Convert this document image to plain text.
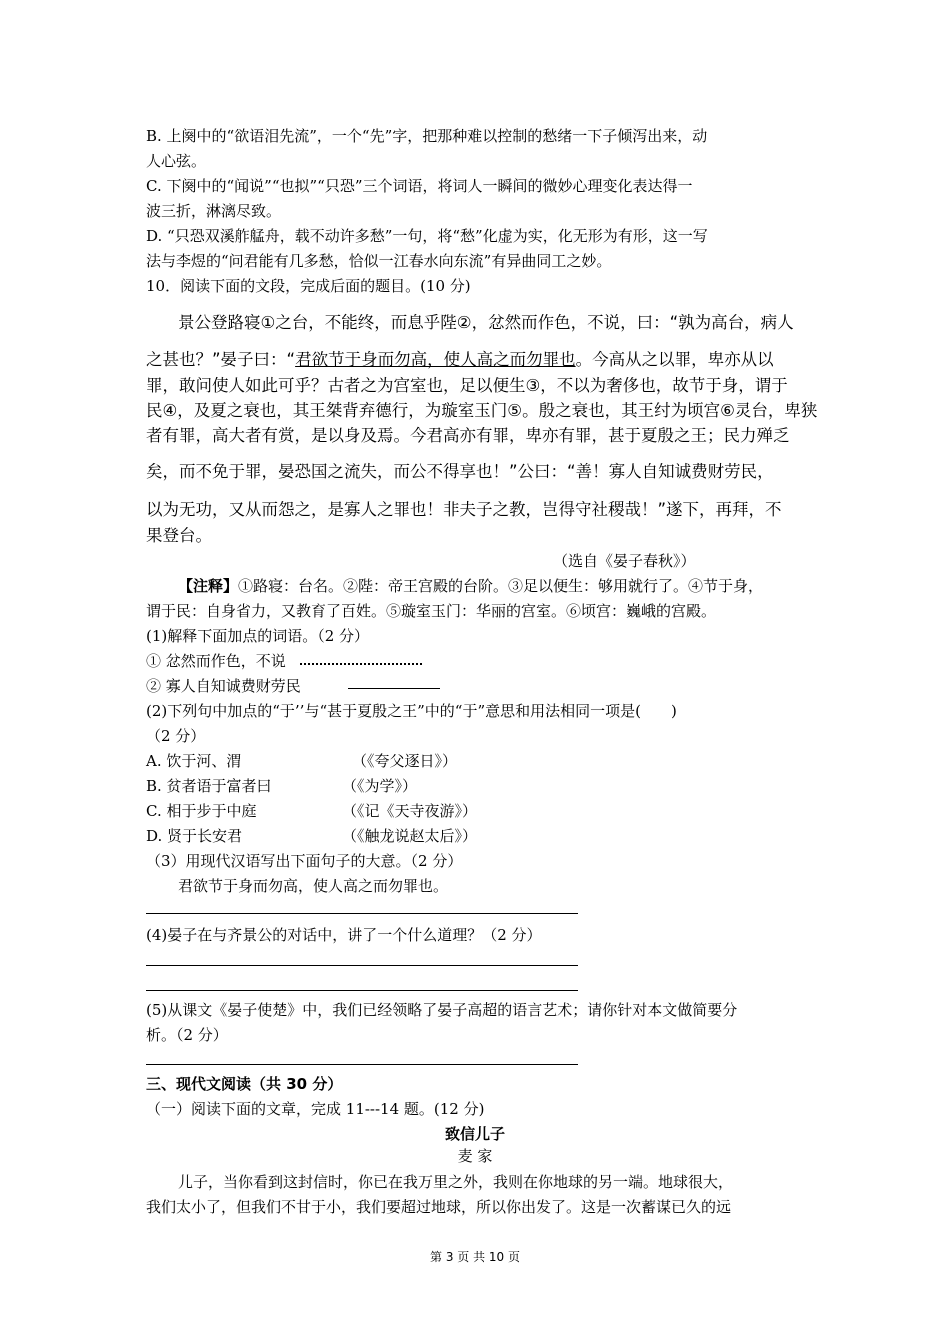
B. 上阕中的“欲语泪先流”，一个“先”字，把那种难以控制的愁绪一下子倾泻出来，动
人心弦。
C. 下阕中的“闻说”“也拟”“只恐”三个词语，将词人一瞬间的微妙心理变化表达得一
波三折，淋漓尽致。
D. “只恐双溪舴艋舟，载不动许多愁”一句，将“愁”化虚为实，化无形为有形，这一写
法与李煜的“问君能有几多愁，恰似一江春水向东流”有异曲同工之妙。
10．阅读下面的文段，完成后面的题目。(10 分)
景公登路寝①之台，不能终，而息乎陛②，忿然而作色，不说，曰：“孰为高台，病人
之甚也？”晏子曰：“君欲节于身而勿高，使人高之而勿罪也。今高从之以罪，卑亦从以
罪，敢问使人如此可乎？古者之为宫室也，足以便生③，不以为奢侈也，故节于身，谓于
民④，及夏之衰也，其王桀背弃德行，为璇室玉门⑤。殷之衰也，其王纣为顷宫⑥灵台，卑狭
者有罪，高大者有赏，是以身及焉。今君高亦有罪，卑亦有罪，甚于夏殷之王；民力殚乏
矣，而不免于罪，晏恐国之流失，而公不得享也！”公曰：“善！寡人自知诚费财劳民，
以为无功，又从而怨之，是寡人之罪也！非夫子之教，岂得守社稷哉！”遂下，再拜，不
果登台。
（选自《晏子春秋》）
【注释】①路寝：台名。②陛：帝王宫殿的台阶。③足以便生：够用就行了。④节于身，
谓于民：自身省力，又教育了百姓。⑤璇室玉门：华丽的宫室。⑥顷宫：巍峨的宫殿。
(1)解释下面加点的词语。（2 分）
① 忿然而作色，不说
② 寡人自知诚费财劳民
(2)下列句中加点的“于’’与“甚于夏殷之王”中的“于”意思和用法相同一项是(　　)
（2 分）
A. 饮于河、渭	（《夸父逐日》）
B. 贫者语于富者曰	（《为学》）
C. 相于步于中庭	（《记《天寺夜游》）
D. 贤于长安君	（《触龙说赵太后》）
（3）用现代汉语写出下面句子的大意。（2 分）
君欲节于身而勿高，使人高之而勿罪也。
(4)晏子在与齐景公的对话中，讲了一个什么道理？（2 分）
(5)从课文《晏子使楚》中，我们已经领略了晏子高超的语言艺术；请你针对本文做简要分
析。（2 分）
三、现代文阅读（共 30 分）
（一）阅读下面的文章，完成 11---14 题。(12 分)
致信儿子
麦 家
儿子，当你看到这封信时，你已在我万里之外，我则在你地球的另一端。地球很大，
我们太小了，但我们不甘于小，我们要超过地球，所以你出发了。这是一次蓄谋已久的远
第 3 页 共 10 页
